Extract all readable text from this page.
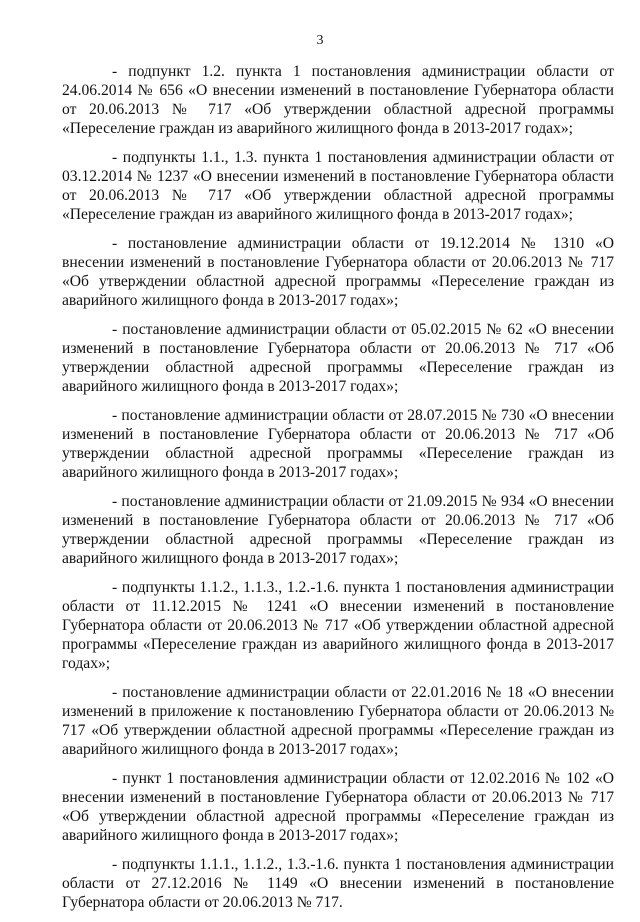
3

- подпункт 1.2. пункта 1 постановления администрации области от 24.06.2014 № 656 «О внесении изменений в постановление Губернатора области от 20.06.2013 № 717 «Об утверждении областной адресной программы «Переселение граждан из аварийного жилищного фонда в 2013-2017 годах»;

- подпункты 1.1., 1.3. пункта 1 постановления администрации области от 03.12.2014 № 1237 «О внесении изменений в постановление Губернатора области от 20.06.2013 № 717 «Об утверждении областной адресной программы «Переселение граждан из аварийного жилищного фонда в 2013-2017 годах»;

- постановление администрации области от 19.12.2014 № 1310 «О внесении изменений в постановление Губернатора области от 20.06.2013 № 717 «Об утверждении областной адресной программы «Переселение граждан из аварийного жилищного фонда в 2013-2017 годах»;

- постановление администрации области от 05.02.2015 № 62 «О внесении изменений в постановление Губернатора области от 20.06.2013 № 717 «Об утверждении областной адресной программы «Переселение граждан из аварийного жилищного фонда в 2013-2017 годах»;

- постановление администрации области от 28.07.2015 № 730 «О внесении изменений в постановление Губернатора области от 20.06.2013 № 717 «Об утверждении областной адресной программы «Переселение граждан из аварийного жилищного фонда в 2013-2017 годах»;

- постановление администрации области от 21.09.2015 № 934 «О внесении изменений в постановление Губернатора области от 20.06.2013 № 717 «Об утверждении областной адресной программы «Переселение граждан из аварийного жилищного фонда в 2013-2017 годах»;

- подпункты 1.1.2., 1.1.3., 1.2.-1.6. пункта 1 постановления администрации области от 11.12.2015 № 1241 «О внесении изменений в постановление Губернатора области от 20.06.2013 № 717 «Об утверждении областной адресной программы «Переселение граждан из аварийного жилищного фонда в 2013-2017 годах»;

- постановление администрации области от 22.01.2016 № 18 «О внесении изменений в приложение к постановлению Губернатора области от 20.06.2013 № 717 «Об утверждении областной адресной программы «Переселение граждан из аварийного жилищного фонда в 2013-2017 годах»;

- пункт 1 постановления администрации области от 12.02.2016 № 102 «О внесении изменений в постановление Губернатора области от 20.06.2013 № 717 «Об утверждении областной адресной программы «Переселение граждан из аварийного жилищного фонда в 2013-2017 годах»;

- подпункты 1.1.1., 1.1.2., 1.3.-1.6. пункта 1 постановления администрации области от 27.12.2016 № 1149 «О внесении изменений в постановление Губернатора области от 20.06.2013 № 717.
